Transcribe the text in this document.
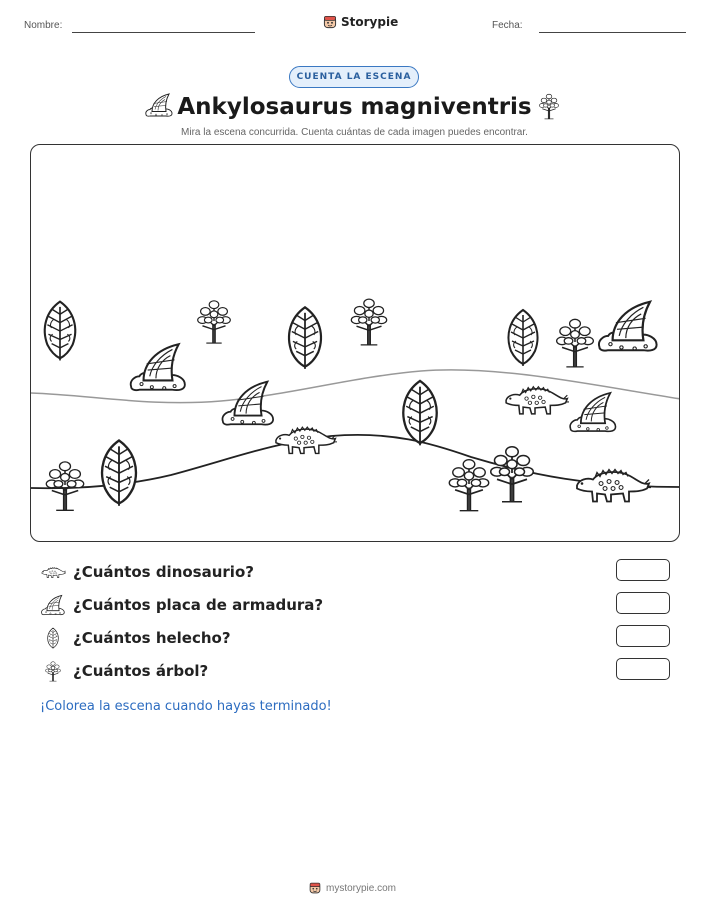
Nombre:	Storypie	Fecha:
CUENTA LA ESCENA
Ankylosaurus magniventris
Mira la escena concurrida. Cuenta cuántas de cada imagen puedes encontrar.
¿Cuántos dinosaurio?
¿Cuántos placa de armadura?
¿Cuántos helecho?
¿Cuántos árbol?
¡Colorea la escena cuando hayas terminado!
mystorypie.com
